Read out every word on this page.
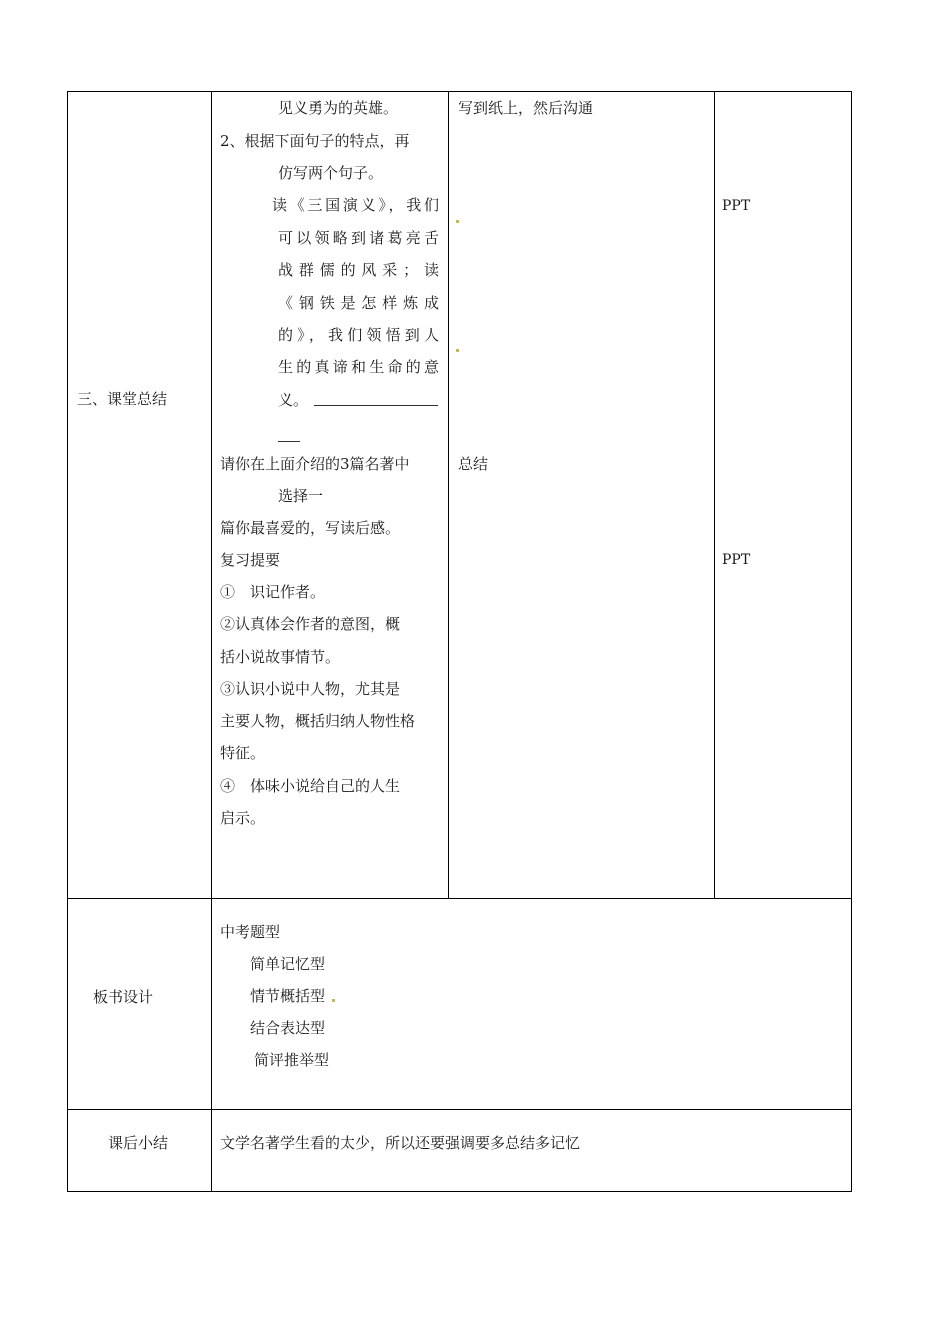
三、课堂总结
见义勇为的英雄。
2、根据下面句子的特点，再
仿写两个句子。
读《三国演义》，我们
可以领略到诸葛亮舌
战群儒的风采；读
《钢铁是怎样炼成
的》，我们领悟到人
生的真谛和生命的意
义。
请你在上面介绍的3篇名著中
选择一
篇你最喜爱的，写读后感。
复习提要
①　识记作者。
②认真体会作者的意图，概
括小说故事情节。
③认识小说中人物，尤其是
主要人物，概括归纳人物性格
特征。
④　体味小说给自己的人生
启示。
写到纸上，然后沟通
总结
PPT
PPT
板书设计
中考题型
简单记忆型
情节概括型
结合表达型
简评推举型
课后小结	文学名著学生看的太少，所以还要强调要多总结多记忆
